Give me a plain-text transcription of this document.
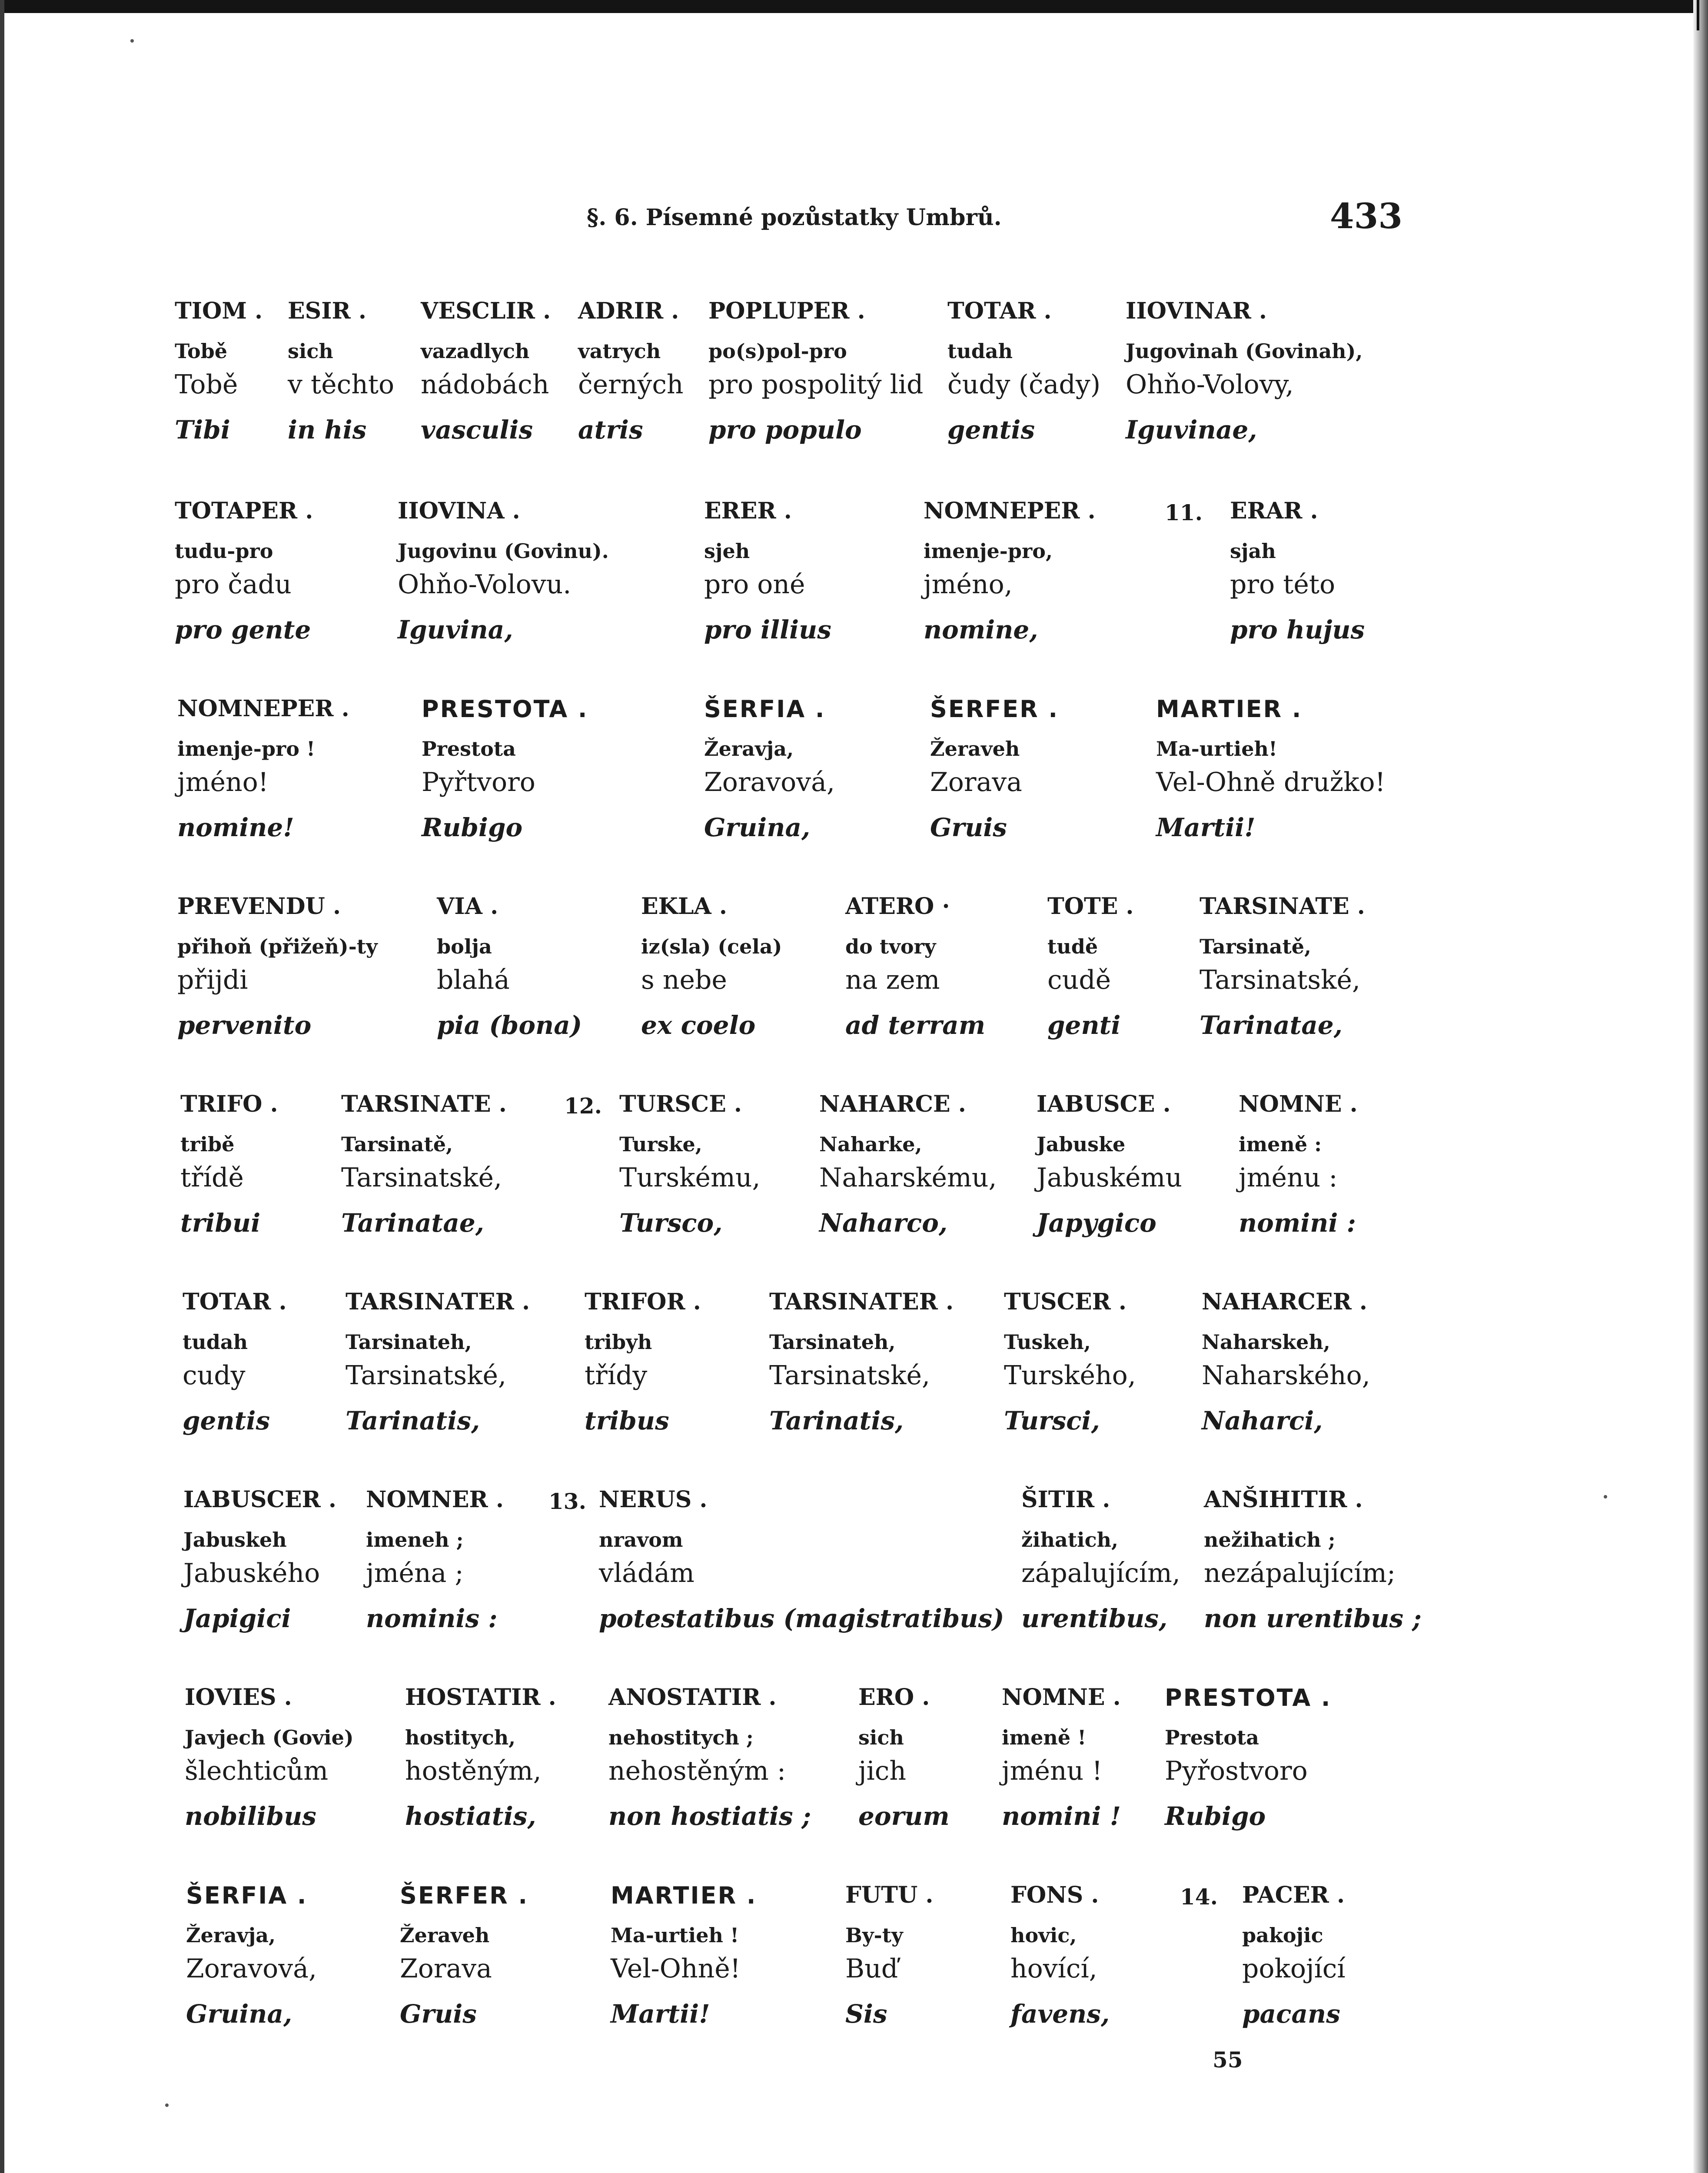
§. 6. Písemné pozůstatky Umbrů.	433
TIOM .
Tobě
Tobě
Tibi
ESIR .
sich
v těchto
in his
VESCLIR .
vazadlych
nádobách
vasculis
ADRIR .
vatrych
černých
atris
POPLUPER .
po(s)pol-pro
pro pospolitý lid
pro populo
TOTAR .
tudah
čudy (čady)
gentis
IIOVINAR .
Jugovinah (Govinah),
Ohňo-Volovy,
Iguvinae,
11.
TOTAPER .
tudu-pro
pro čadu
pro gente
IIOVINA .
Jugovinu (Govinu).
Ohňo-Volovu.
Iguvina,
ERER .
sjeh
pro oné
pro illius
NOMNEPER .
imenje-pro,
jméno,
nomine,
ERAR .
sjah
pro této
pro hujus
NOMNEPER .
imenje-pro !
jméno!
nomine!
PRESTOTA .
Prestota
Pyřtvoro
Rubigo
ŠERFIA .
Žeravja,
Zoravová,
Gruina,
ŠERFER .
Žeraveh
Zorava
Gruis
MARTIER .
Ma-urtieh!
Vel-Ohně družko!
Martii!
PREVENDU .
přihoň (přižeň)-ty
přijdi
pervenito
VIA .
bolja
blahá
pia (bona)
EKLA .
iz(sla) (cela)
s nebe
ex coelo
ATERO ·
do tvory
na zem
ad terram
TOTE .
tudě
cudě
genti
TARSINATE .
Tarsinatě,
Tarsinatské,
Tarinatae,
12.
TRIFO .
tribě
třídě
tribui
TARSINATE .
Tarsinatě,
Tarsinatské,
Tarinatae,
TURSCE .
Turske,
Turskému,
Tursco,
NAHARCE .
Naharke,
Naharskému,
Naharco,
IABUSCE .
Jabuske
Jabuskému
Japygico
NOMNE .
imeně :
jménu :
nomini :
TOTAR .
tudah
cudy
gentis
TARSINATER .
Tarsinateh,
Tarsinatské,
Tarinatis,
TRIFOR .
tribyh
třídy
tribus
TARSINATER .
Tarsinateh,
Tarsinatské,
Tarinatis,
TUSCER .
Tuskeh,
Turského,
Tursci,
NAHARCER .
Naharskeh,
Naharského,
Naharci,
13.
IABUSCER .
Jabuskeh
Jabuského
Japigici
NOMNER .
imeneh ;
jména ;
nominis :
NERUS .
nravom
vládám
potestatibus (magistratibus)
ŠITIR .
žihatich,
zápalujícím,
urentibus,
ANŠIHITIR .
nežihatich ;
nezápalujícím;
non urentibus ;
IOVIES .
Javjech (Govie)
šlechticům
nobilibus
HOSTATIR .
hostitych,
hostěným,
hostiatis,
ANOSTATIR .
nehostitych ;
nehostěným :
non hostiatis ;
ERO .
sich
jich
eorum
NOMNE .
imeně !
jménu !
nomini !
PRESTOTA .
Prestota
Pyřostvoro
Rubigo
14.
ŠERFIA .
Žeravja,
Zoravová,
Gruina,
ŠERFER .
Žeraveh
Zorava
Gruis
MARTIER .
Ma-urtieh !
Vel-Ohně!
Martii!
FUTU .
By-ty
Buď
Sis
FONS .
hovic,
hovící,
favens,
PACER .
pakojic
pokojící
pacans
55
